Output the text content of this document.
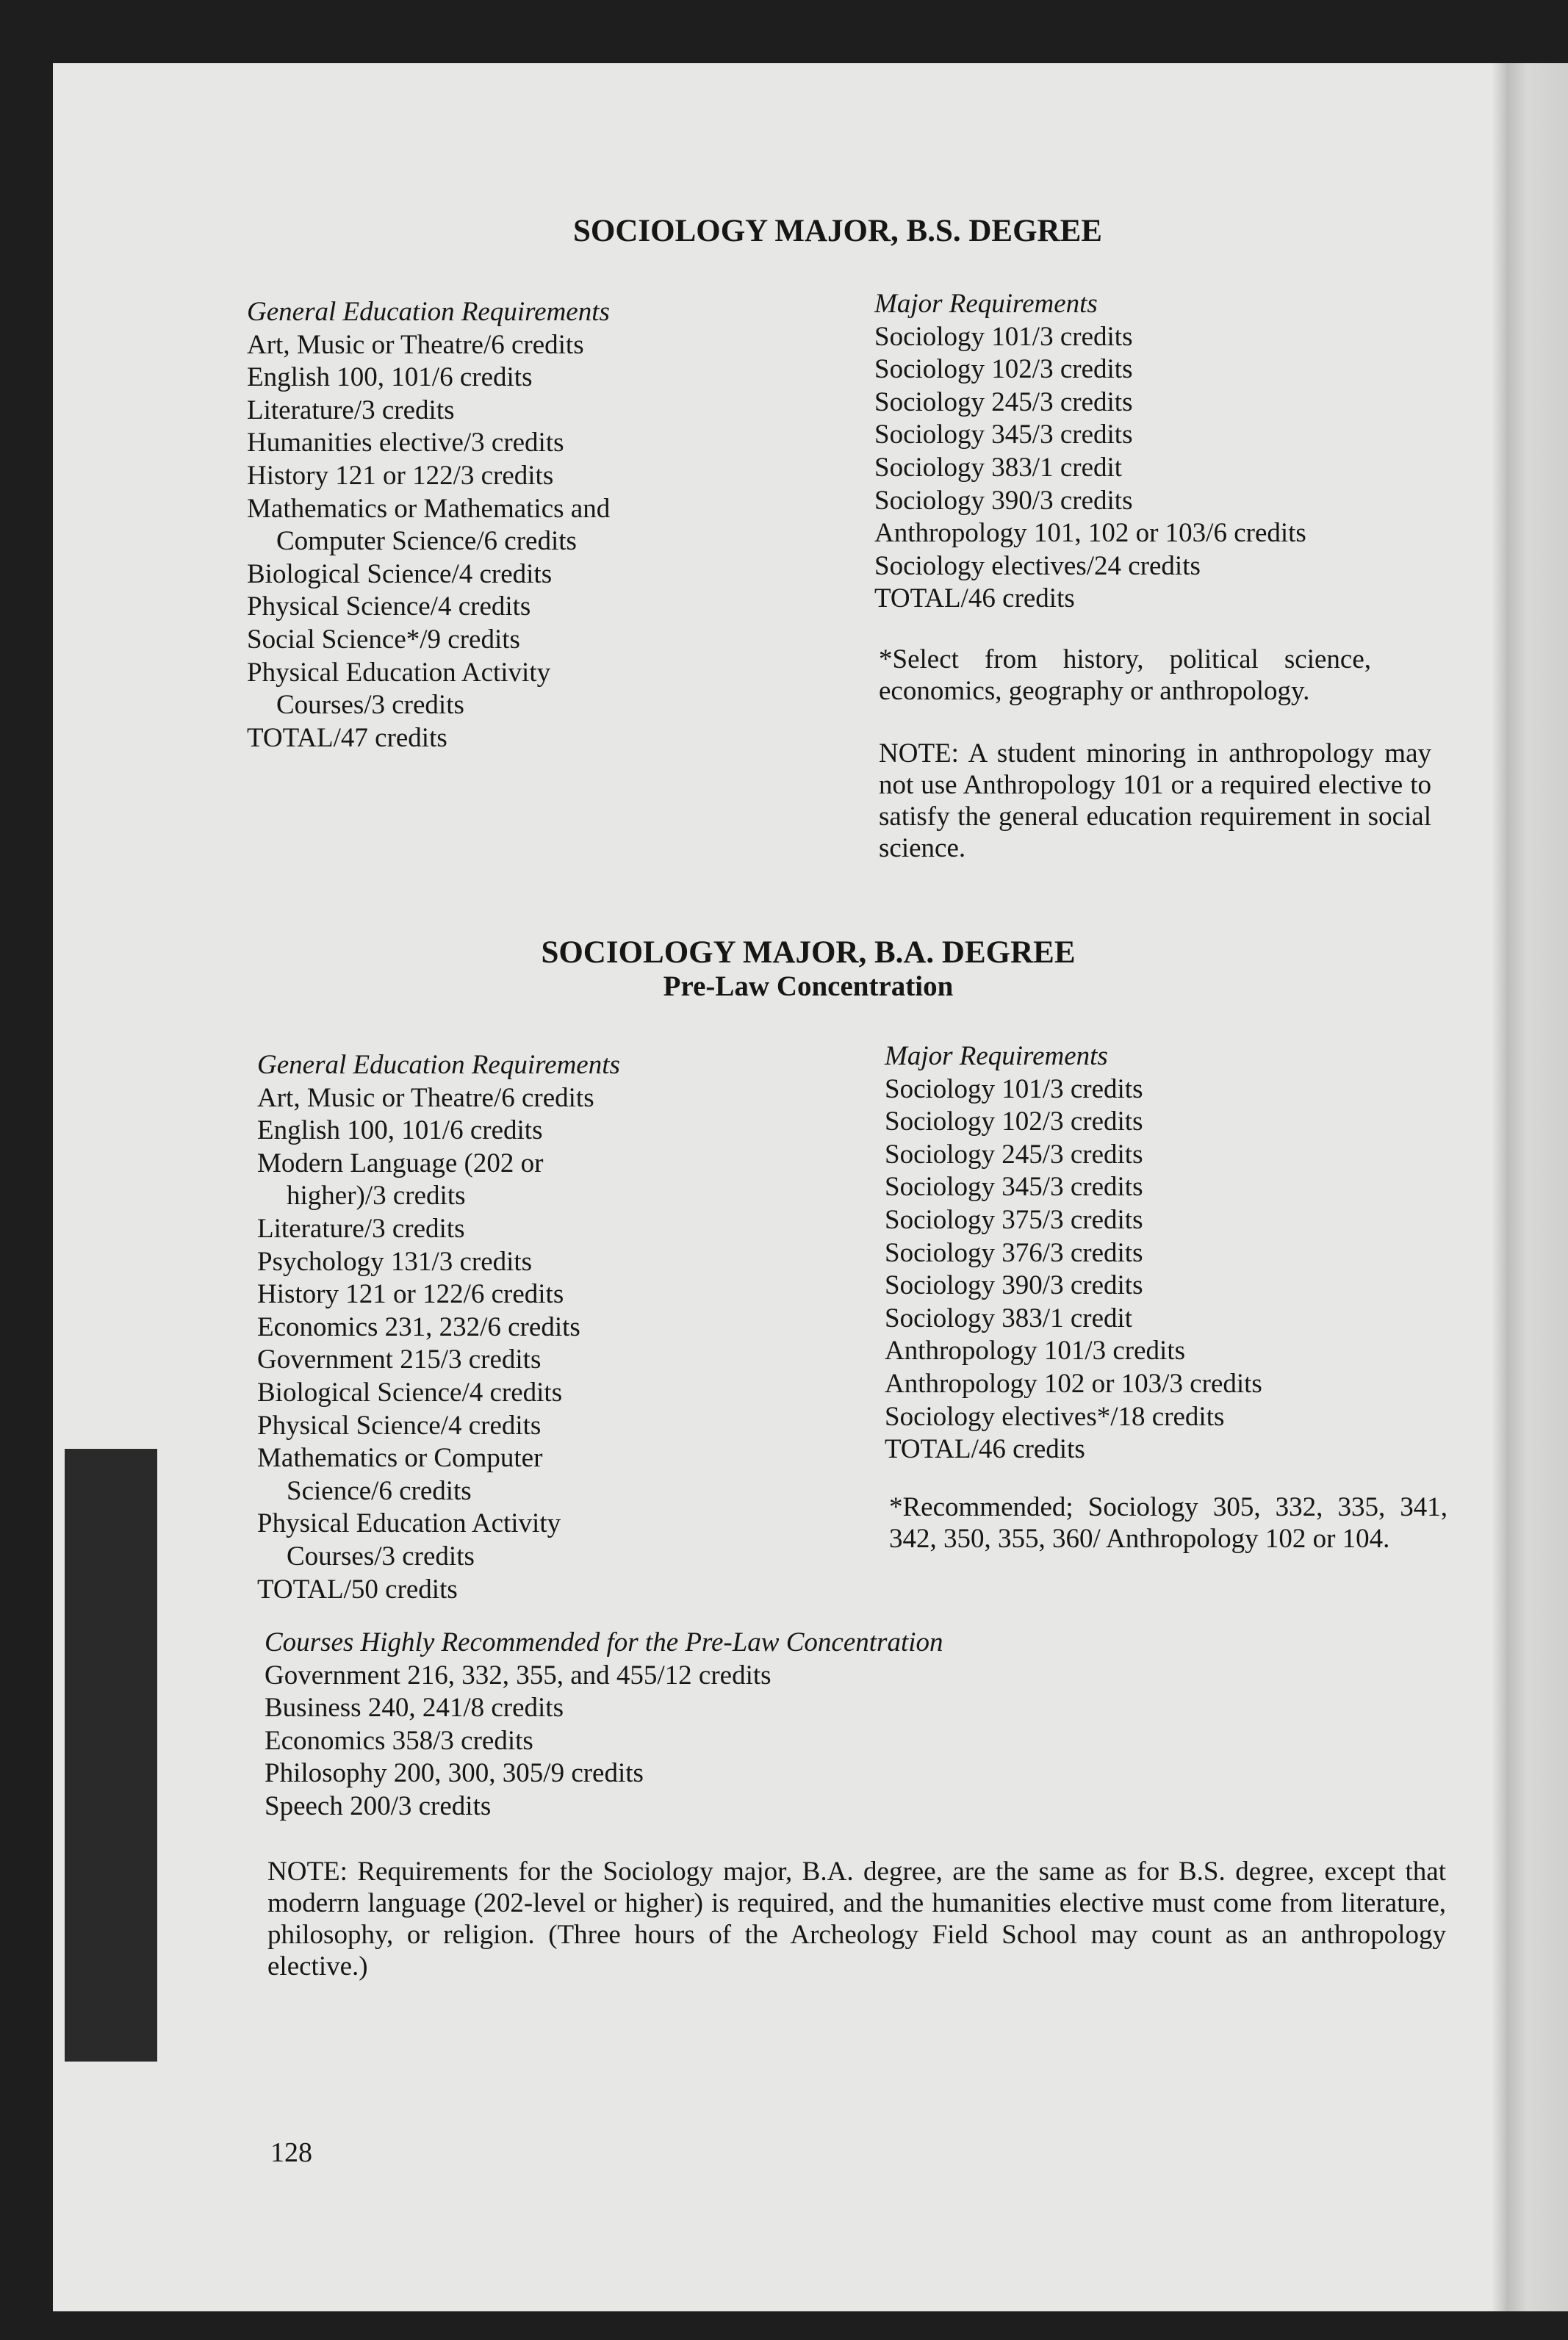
SOCIOLOGY MAJOR, B.S. DEGREE
General Education Requirements
Art, Music or Theatre/6 credits
English 100, 101/6 credits
Literature/3 credits
Humanities elective/3 credits
History 121 or 122/3 credits
Mathematics or Mathematics and
Computer Science/6 credits
Biological Science/4 credits
Physical Science/4 credits
Social Science*/9 credits
Physical Education Activity
Courses/3 credits
TOTAL/47 credits
Major Requirements
Sociology 101/3 credits
Sociology 102/3 credits
Sociology 245/3 credits
Sociology 345/3 credits
Sociology 383/1 credit
Sociology 390/3 credits
Anthropology 101, 102 or 103/6 credits
Sociology electives/24 credits
TOTAL/46 credits
*Select from history, political science, economics, geography or anthropology.
NOTE: A student minoring in anthropology may not use Anthropology 101 or a required elective to satisfy the general education requirement in social science.
SOCIOLOGY MAJOR, B.A. DEGREE
Pre-Law Concentration
General Education Requirements
Art, Music or Theatre/6 credits
English 100, 101/6 credits
Modern Language (202 or
higher)/3 credits
Literature/3 credits
Psychology 131/3 credits
History 121 or 122/6 credits
Economics 231, 232/6 credits
Government 215/3 credits
Biological Science/4 credits
Physical Science/4 credits
Mathematics or Computer
Science/6 credits
Physical Education Activity
Courses/3 credits
TOTAL/50 credits
Major Requirements
Sociology 101/3 credits
Sociology 102/3 credits
Sociology 245/3 credits
Sociology 345/3 credits
Sociology 375/3 credits
Sociology 376/3 credits
Sociology 390/3 credits
Sociology 383/1 credit
Anthropology 101/3 credits
Anthropology 102 or 103/3 credits
Sociology electives*/18 credits
TOTAL/46 credits
*Recommended; Sociology 305, 332, 335, 341, 342, 350, 355, 360/ Anthropology 102 or 104.
Courses Highly Recommended for the Pre-Law Concentration
Government 216, 332, 355, and 455/12 credits
Business 240, 241/8 credits
Economics 358/3 credits
Philosophy 200, 300, 305/9 credits
Speech 200/3 credits
NOTE: Requirements for the Sociology major, B.A. degree, are the same as for B.S. degree, except that moderrn language (202-level or higher) is required, and the humanities elective must come from literature, philosophy, or religion. (Three hours of the Archeology Field School may count as an anthropology elective.)
128
